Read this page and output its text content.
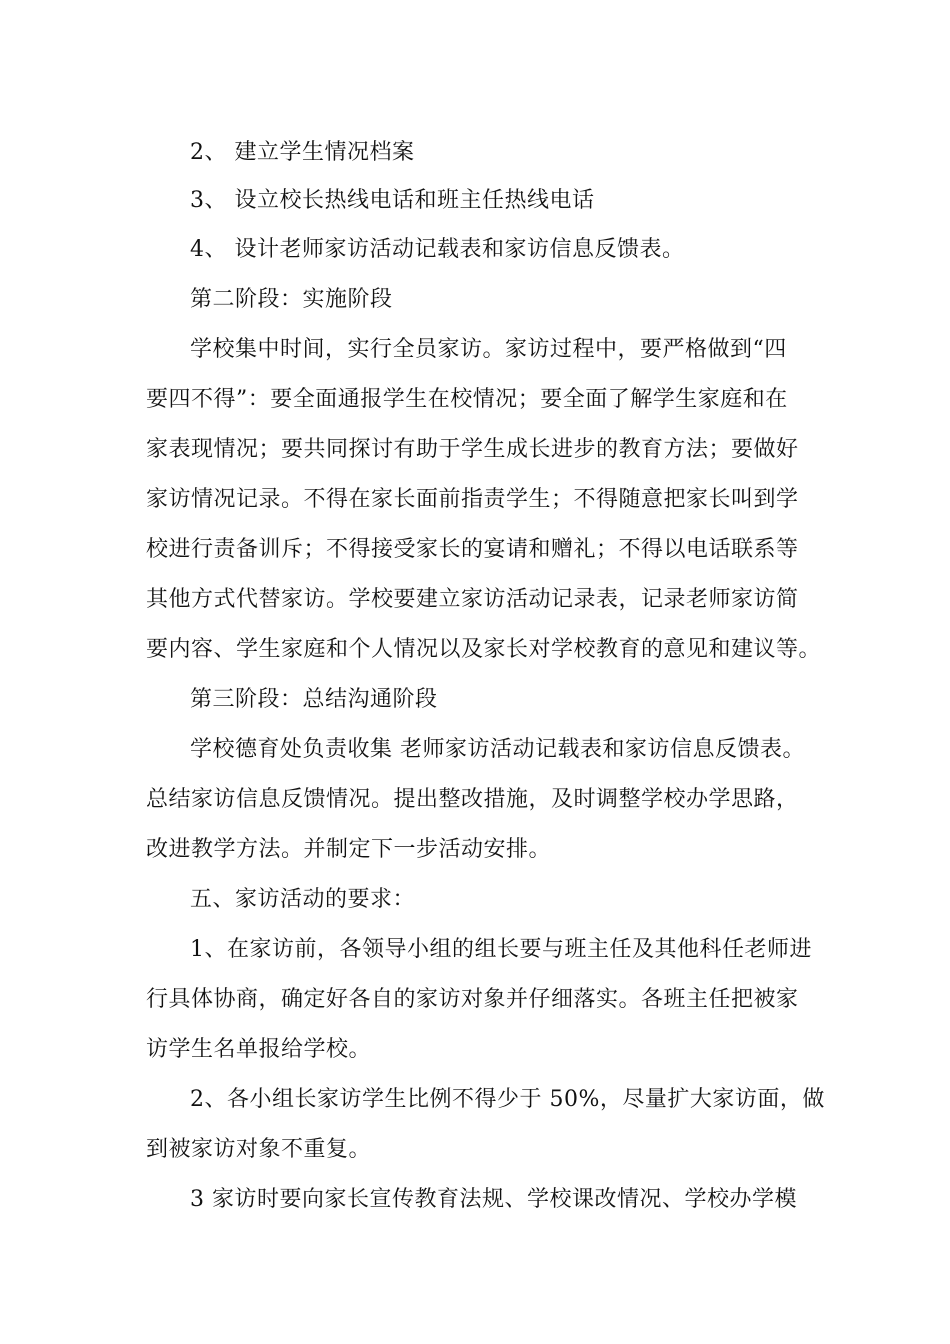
2、 建立学生情况档案
3、 设立校长热线电话和班主任热线电话
4、 设计老师家访活动记载表和家访信息反馈表。
第二阶段：实施阶段
学校集中时间，实行全员家访。家访过程中，要严格做到“四
要四不得”：要全面通报学生在校情况；要全面了解学生家庭和在
家表现情况；要共同探讨有助于学生成长进步的教育方法；要做好
家访情况记录。不得在家长面前指责学生；不得随意把家长叫到学
校进行责备训斥；不得接受家长的宴请和赠礼；不得以电话联系等
其他方式代替家访。学校要建立家访活动记录表，记录老师家访简
要内容、学生家庭和个人情况以及家长对学校教育的意见和建议等。
第三阶段：总结沟通阶段
学校德育处负责收集 老师家访活动记载表和家访信息反馈表。
总结家访信息反馈情况。提出整改措施，及时调整学校办学思路，
改进教学方法。并制定下一步活动安排。
五、家访活动的要求：
1、在家访前，各领导小组的组长要与班主任及其他科任老师进
行具体协商，确定好各自的家访对象并仔细落实。各班主任把被家
访学生名单报给学校。
2、各小组长家访学生比例不得少于 50%，尽量扩大家访面，做
到被家访对象不重复。
3 家访时要向家长宣传教育法规、学校课改情况、学校办学模
